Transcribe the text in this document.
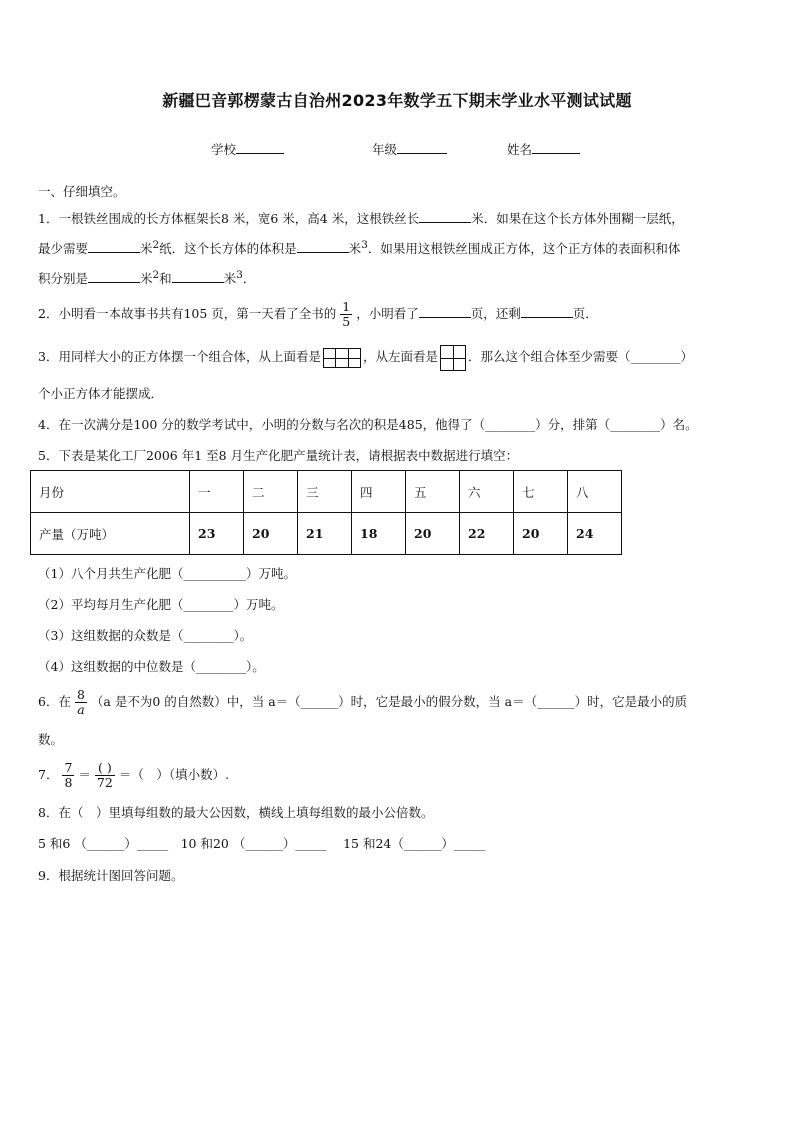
新疆巴音郭楞蒙古自治州2023年数学五下期末学业水平测试试题
学校	年级	姓名
一、仔细填空。
1．一根铁丝围成的长方体框架长8 米，宽6 米，高4 米，这根铁丝长	米．如果在这个长方体外围糊一层纸，
最少需要	米$^2$纸．这个长方体的体积是	米$^3$．如果用这根铁丝围成正方体，这个正方体的表面积和体
积分别是	米$^2$和	米$^3$．
2．小明看一本故事书共有105 页，第一天看了全书的 $\frac{1}{5}$ ，小明看了	页，还剩	页．
3．用同样大小的正方体摆一个组合体，从上面看是	，从左面看是 ．那么这个组合体至少需要（________）
个小正方体才能摆成．
4．在一次满分是100 分的数学考试中，小明的分数与名次的积是485，他得了（________）分，排第（________）名。
5．下表是某化工厂2006 年1 至8 月生产化肥产量统计表，请根据表中数据进行填空：
月份	一	二	三	四	五	六	七	八
产量（万吨）	23	20	21	18	20	22	20	24
（1）八个月共生产化肥（__________）万吨。
（2）平均每月生产化肥（________）万吨。
（3）这组数据的众数是（________）。
（4）这组数据的中位数是（________）。
6．在 $\frac{8}{a} (a$ 是不为0 的自然数）中，当 a＝（______）时，它是最小的假分数，当 a＝（______）时，它是最小的质
数。
7． $\frac{7}{8} = \frac{( )}{72}$ ＝（　）（填小数）.
8．在（　）里填每组数的最大公因数，横线上填每组数的最小公倍数。
5 和6 （______）_____　10 和20 （______）_____　 15 和24（______）_____
9．根据统计图回答问题。
